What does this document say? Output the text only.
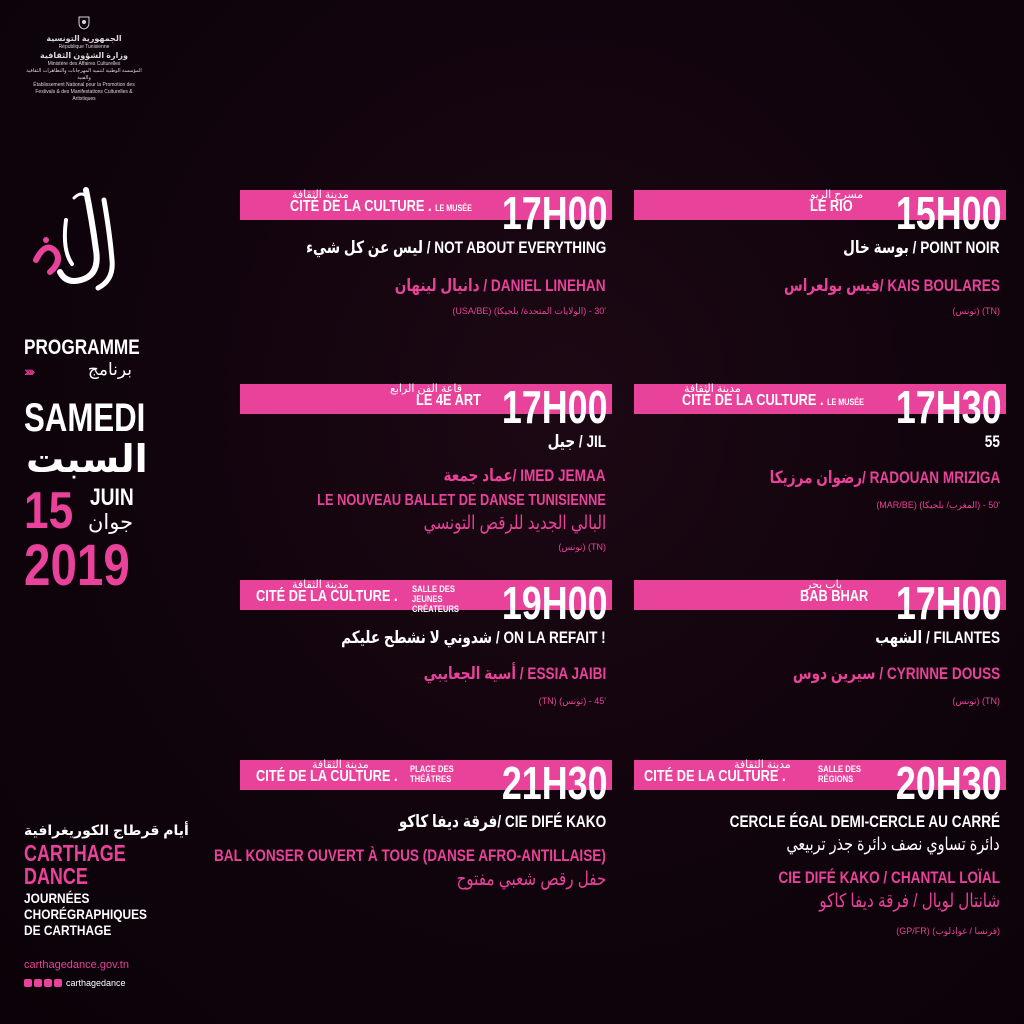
الجمهورية التونسية
République Tunisienne
وزارة الشؤون الثقافية
Ministère des Affaires Culturelles
المؤسسة الوطنية لتنمية المهرجانات والتظاهرات الثقافية والفنية
Établissement National pour la Promotion des Festivals & des Manifestations Culturelles & Artistiques
PROGRAMME
›››››	برنامج
SAMEDI
السبت
15 JUIN
جوان
2019
أيام قرطاج الكوريغرافية
CARTHAGE DANCE
JOURNÉES CHORÉGRAPHIQUES DE CARTHAGE
carthagedance.gov.tn
carthagedance
مسرح الريو
LE RIO 15H00
بوسة خال / POINT NOIR
قيس بولعراس/ KAIS BOULARES
(تونس) (TN)
مدينة الثقافة
CITÉ DE LA CULTURE . LE MUSÉE 17H00
ليس عن كل شيء / NOT ABOUT EVERYTHING
دانيال لينهان / DANIEL LINEHAN
(USA/BE) (الولايات المتحدة/ بلجيكا) - 30'
مدينة الثقافة
CITÉ DE LA CULTURE . LE MUSÉE 17H30
55
رضوان مرزيكا/ RADOUAN MRIZIGA
(MAR/BE) (المغرب/ بلجيكا) - 50'
قاعة الفن الرابع
LE 4E ART 17H00
جيل / JIL
عماد جمعة/ IMED JEMAA
LE NOUVEAU BALLET DE DANSE TUNISIENNE
البالي الجديد للرقص التونسي
(تونس) (TN)
باب بحر
BAB BHAR 17H00
الشهب / FILANTES
سيرين دوس / CYRINNE DOUSS
(تونس) (TN)
مدينة الثقافة
CITÉ DE LA CULTURE . SALLE DES JEUNES CRÉATEURS 19H00
شدوني لا نشطح عليكم / ON LA REFAIT !
أسية الجعايبي / ESSIA JAIBI
(TN) (تونس) - 45'
مدينة الثقافة
CITÉ DE LA CULTURE .	SALLE DES RÉGIONS 20H30
CERCLE ÉGAL DEMI-CERCLE AU CARRÉ
دائرة تساوي نصف دائرة جذر تربيعي
CIE DIFÉ KAKO / CHANTAL LOÏAL
شانتال لويال / فرقة ديفا كاكو
(GP/FR) (فرنسا / غوادلوب)
مدينة الثقافة
CITÉ DE LA CULTURE . PLACE DES THÉÂTRES 21H30
فرقة ديفا كاكو/ CIE DIFÉ KAKO
BAL KONSER OUVERT À TOUS (DANSE AFRO-ANTILLAISE)
حفل رقص شعبي مفتوح
